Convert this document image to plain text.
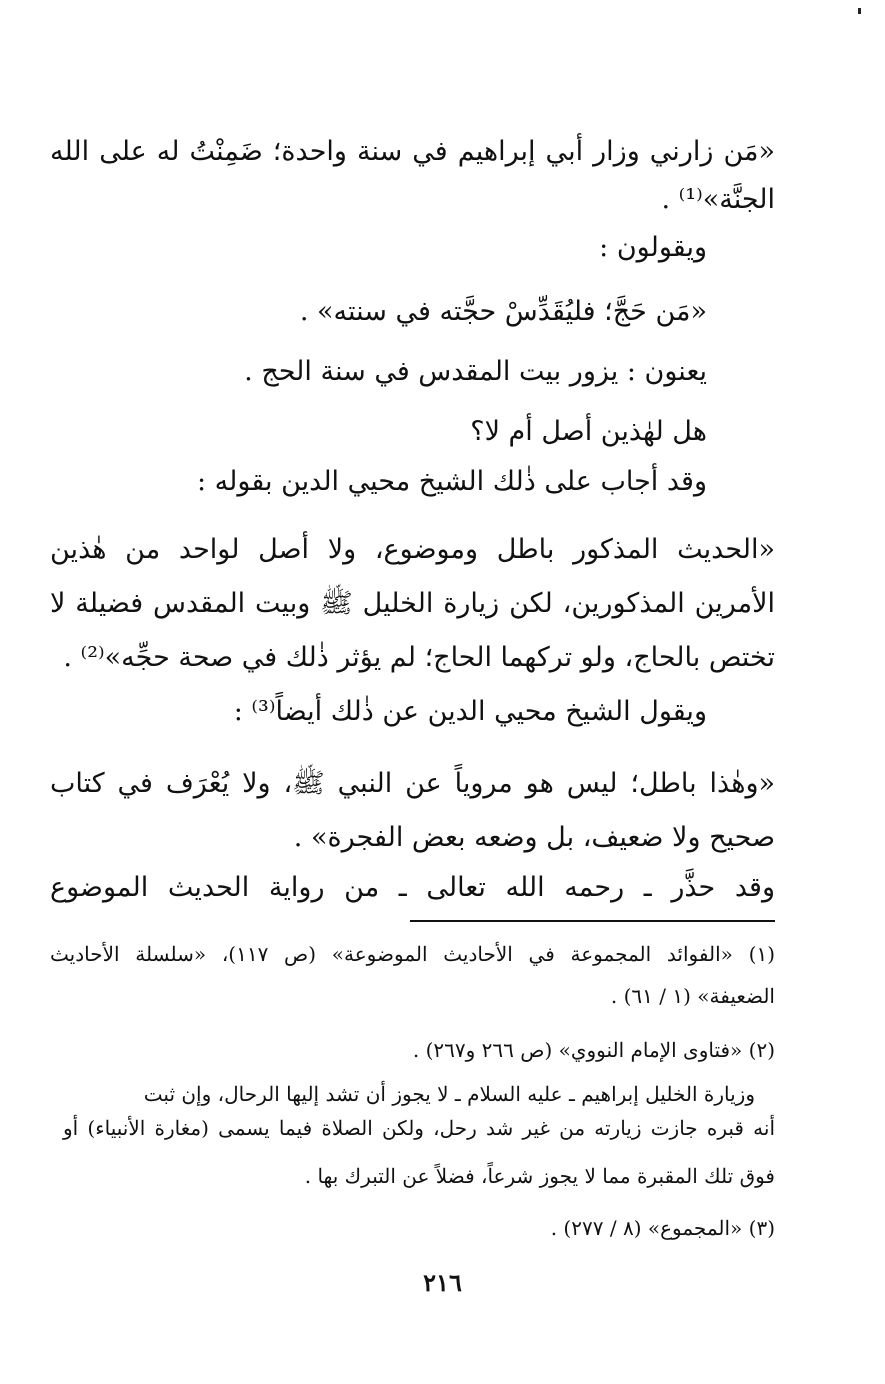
«مَن زارني وزار أبي إبراهيم في سنة واحدة؛ ضَمِنْتُ له على الله
الجنَّة»⁽¹⁾ .
ويقولون :
«مَن حَجَّ؛ فليُقَدِّسْ حجَّته في سنته» .
يعنون : يزور بيت المقدس في سنة الحج .
هل لهٰذين أصل أم لا؟
وقد أجاب على ذٰلك الشيخ محيي الدين بقوله :
«الحديث المذكور باطل وموضوع، ولا أصل لواحد من هٰذين
الأمرين المذكورين، لكن زيارة الخليل ﷺ وبيت المقدس فضيلة لا
تختص بالحاج، ولو تركهما الحاج؛ لم يؤثر ذٰلك في صحة حجِّه»⁽²⁾ .
ويقول الشيخ محيي الدين عن ذٰلك أيضاً⁽³⁾ :
«وهٰذا باطل؛ ليس هو مروياً عن النبي ﷺ، ولا يُعْرَف في كتاب
صحيح ولا ضعيف، بل وضعه بعض الفجرة» .
وقد حذَّر ـ رحمه الله تعالى ـ من رواية الحديث الموضوع
(١) «الفوائد المجموعة في الأحاديث الموضوعة» (ص ١١٧)، «سلسلة الأحاديث
الضعيفة» (١ / ٦١) .
(٢) «فتاوى الإمام النووي» (ص ٢٦٦ و٢٦٧) .
وزيارة الخليل إبراهيم ـ عليه السلام ـ لا يجوز أن تشد إليها الرحال، وإن ثبت
أنه قبره جازت زيارته من غير شد رحل، ولكن الصلاة فيما يسمى (مغارة الأنبياء) أو
فوق تلك المقبرة مما لا يجوز شرعاً، فضلاً عن التبرك بها .
(٣) «المجموع» (٨ / ٢٧٧) .
٢١٦
